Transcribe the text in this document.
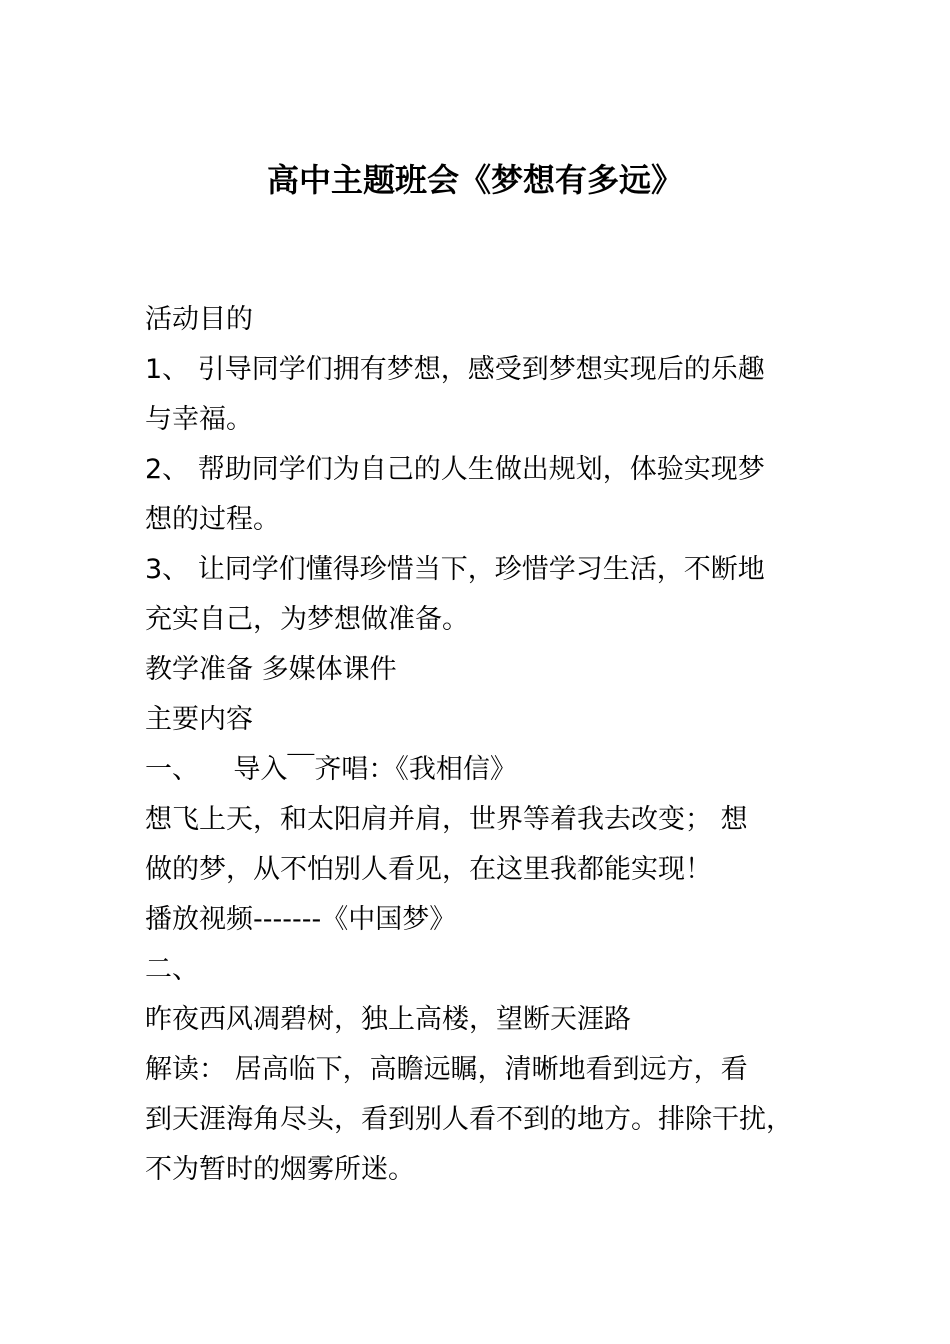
高中主题班会《梦想有多远》
活动目的
1、 引导同学们拥有梦想，感受到梦想实现后的乐趣
与幸福。
2、 帮助同学们为自己的人生做出规划，体验实现梦
想的过程。
3、 让同学们懂得珍惜当下，珍惜学习生活，不断地
充实自己，为梦想做准备。
教学准备 多媒体课件
主要内容
一、    导入￣齐唱：《我相信》
想飞上天，和太阳肩并肩，世界等着我去改变； 想
做的梦，从不怕别人看见，在这里我都能实现！
播放视频-------《中国梦》
二、
昨夜西风凋碧树，独上高楼，望断天涯路
解读： 居高临下，高瞻远瞩，清晰地看到远方，看
到天涯海角尽头，看到别人看不到的地方。排除干扰，
不为暂时的烟雾所迷。
